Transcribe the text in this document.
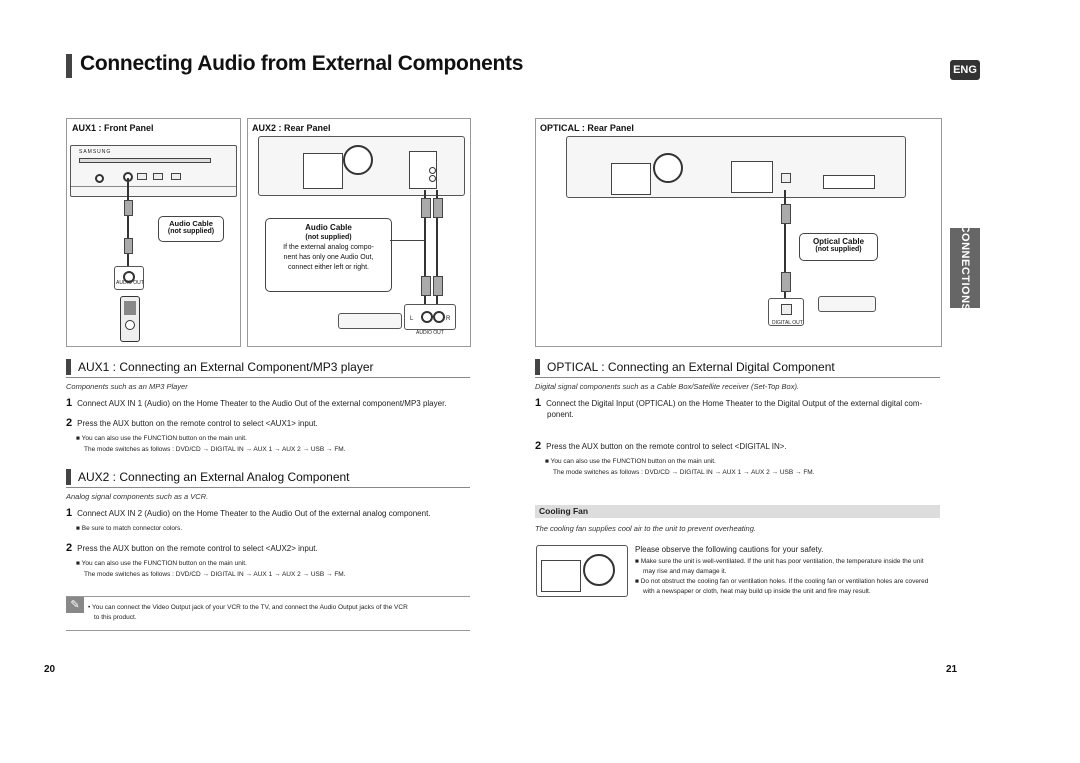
Connecting Audio from External Components	ENG
CONNECTIONS
AUX1 : Front Panel	AUX2 : Rear Panel	OPTICAL : Rear Panel
SAMSUNG
Audio Cable
(not supplied)
AUDIO OUT
Audio Cable
(not supplied)
If the external analog compo-
nent has only one Audio Out,
connect either left or right.
L	R
AUDIO OUT
Optical Cable
(not supplied)
DIGITAL OUT
AUX1 : Connecting an External Component/MP3 player
Components such as an MP3 Player
1 Connect AUX IN 1 (Audio) on the Home Theater to the Audio Out of the external component/MP3 player.
2 Press the AUX button on the remote control to select <AUX1> input.
■ You can also use the FUNCTION button on the main unit.
The mode switches as follows : DVD/CD → DIGITAL IN → AUX 1 → AUX 2 → USB → FM.
AUX2 : Connecting an External Analog Component
Analog signal components such as a VCR.
1 Connect AUX IN 2 (Audio) on the Home Theater to the Audio Out of the external analog component.
■ Be sure to match connector colors.
2 Press the AUX button on the remote control to select <AUX2> input.
■ You can also use the FUNCTION button on the main unit.
The mode switches as follows : DVD/CD → DIGITAL IN → AUX 1 → AUX 2 → USB → FM.
✎	• You can connect the Video Output jack of your VCR to the TV, and connect the Audio Output jacks of the VCR
to this product.
OPTICAL : Connecting an External Digital Component
Digital signal components such as a Cable Box/Satellite receiver (Set-Top Box).
1 Connect the Digital Input (OPTICAL) on the Home Theater to the Digital Output of the external digital com-
ponent.
2 Press the AUX button on the remote control to select <DIGITAL IN>.
■ You can also use the FUNCTION button on the main unit.
The mode switches as follows : DVD/CD → DIGITAL IN → AUX 1 → AUX 2 → USB → FM.
Cooling Fan
The cooling fan supplies cool air to the unit to prevent overheating.
Please observe the following cautions for your safety.
■ Make sure the unit is well-ventilated. If the unit has poor ventilation, the temperature inside the unit
may rise and may damage it.
■ Do not obstruct the cooling fan or ventilation holes. If the cooling fan or ventilation holes are covered
with a newspaper or cloth, heat may build up inside the unit and fire may result.
20	21
